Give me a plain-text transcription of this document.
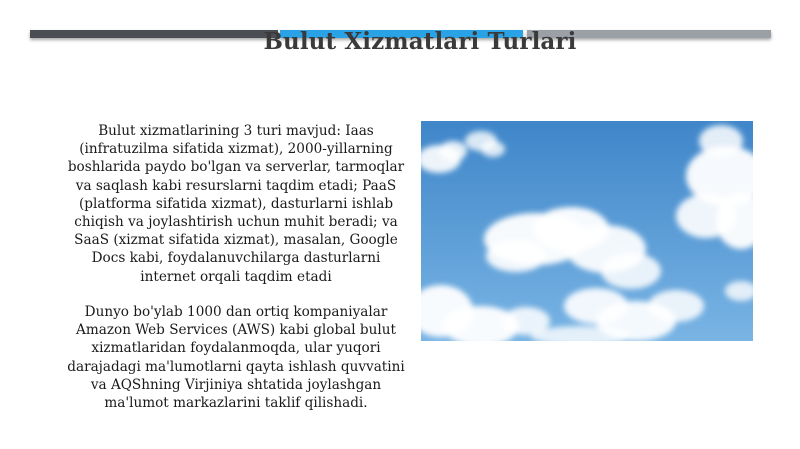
Bulut Xizmatlari Turlari

Bulut xizmatlarining 3 turi mavjud: Iaas
(infratuzilma sifatida xizmat), 2000-yillarning
boshlarida paydo bo'lgan va serverlar, tarmoqlar
va saqlash kabi resurslarni taqdim etadi; PaaS
(platforma sifatida xizmat), dasturlarni ishlab
chiqish va joylashtirish uchun muhit beradi; va
SaaS (xizmat sifatida xizmat), masalan, Google
Docs kabi, foydalanuvchilarga dasturlarni
internet orqali taqdim etadi

Dunyo bo'ylab 1000 dan ortiq kompaniyalar
Amazon Web Services (AWS) kabi global bulut
xizmatlaridan foydalanmoqda, ular yuqori
darajadagi ma'lumotlarni qayta ishlash quvvatini
va AQShning Virjiniya shtatida joylashgan
ma'lumot markazlarini taklif qilishadi.
